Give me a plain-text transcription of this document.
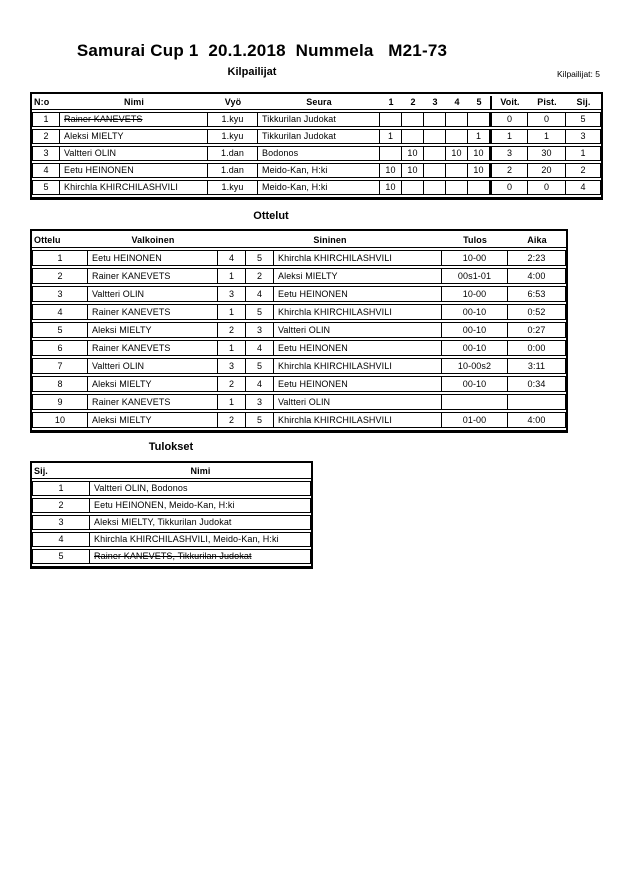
Samurai Cup 1  20.1.2018  Nummela   M21-73
Kilpailijat	Kilpailijat: 5
N:o	Nimi	Vyö	Seura	1	2	3	4	5	Voit.	Pist.	Sij.
1	Rainer KANEVETS	1.kyu	Tikkurilan Judokat						0	0	5
2	Aleksi MIELTY	1.kyu	Tikkurilan Judokat	1				1	1	1	3
3	Valtteri OLIN	1.dan	Bodonos		10		10	10	3	30	1
4	Eetu HEINONEN	1.dan	Meido-Kan, H:ki	10	10			10	2	20	2
5	Khirchla KHIRCHILASHVILI	1.kyu	Meido-Kan, H:ki	10					0	0	4
Ottelut
Ottelu	Valkoinen	Sininen			Tulos	Aika
1	Eetu HEINONEN	4	5	Khirchla KHIRCHILASHVILI	10-00	2:23
2	Rainer KANEVETS	1	2	Aleksi MIELTY	00s1-01	4:00
3	Valtteri OLIN	3	4	Eetu HEINONEN	10-00	6:53
4	Rainer KANEVETS	1	5	Khirchla KHIRCHILASHVILI	00-10	0:52
5	Aleksi MIELTY	2	3	Valtteri OLIN	00-10	0:27
6	Rainer KANEVETS	1	4	Eetu HEINONEN	00-10	0:00
7	Valtteri OLIN	3	5	Khirchla KHIRCHILASHVILI	10-00s2	3:11
8	Aleksi MIELTY	2	4	Eetu HEINONEN	00-10	0:34
9	Rainer KANEVETS	1	3	Valtteri OLIN		
10	Aleksi MIELTY	2	5	Khirchla KHIRCHILASHVILI	01-00	4:00
Tulokset
Sij.	Nimi
1	Valtteri OLIN, Bodonos
2	Eetu HEINONEN, Meido-Kan, H:ki
3	Aleksi MIELTY, Tikkurilan Judokat
4	Khirchla KHIRCHILASHVILI, Meido-Kan, H:ki
5	Rainer KANEVETS, Tikkurilan Judokat
